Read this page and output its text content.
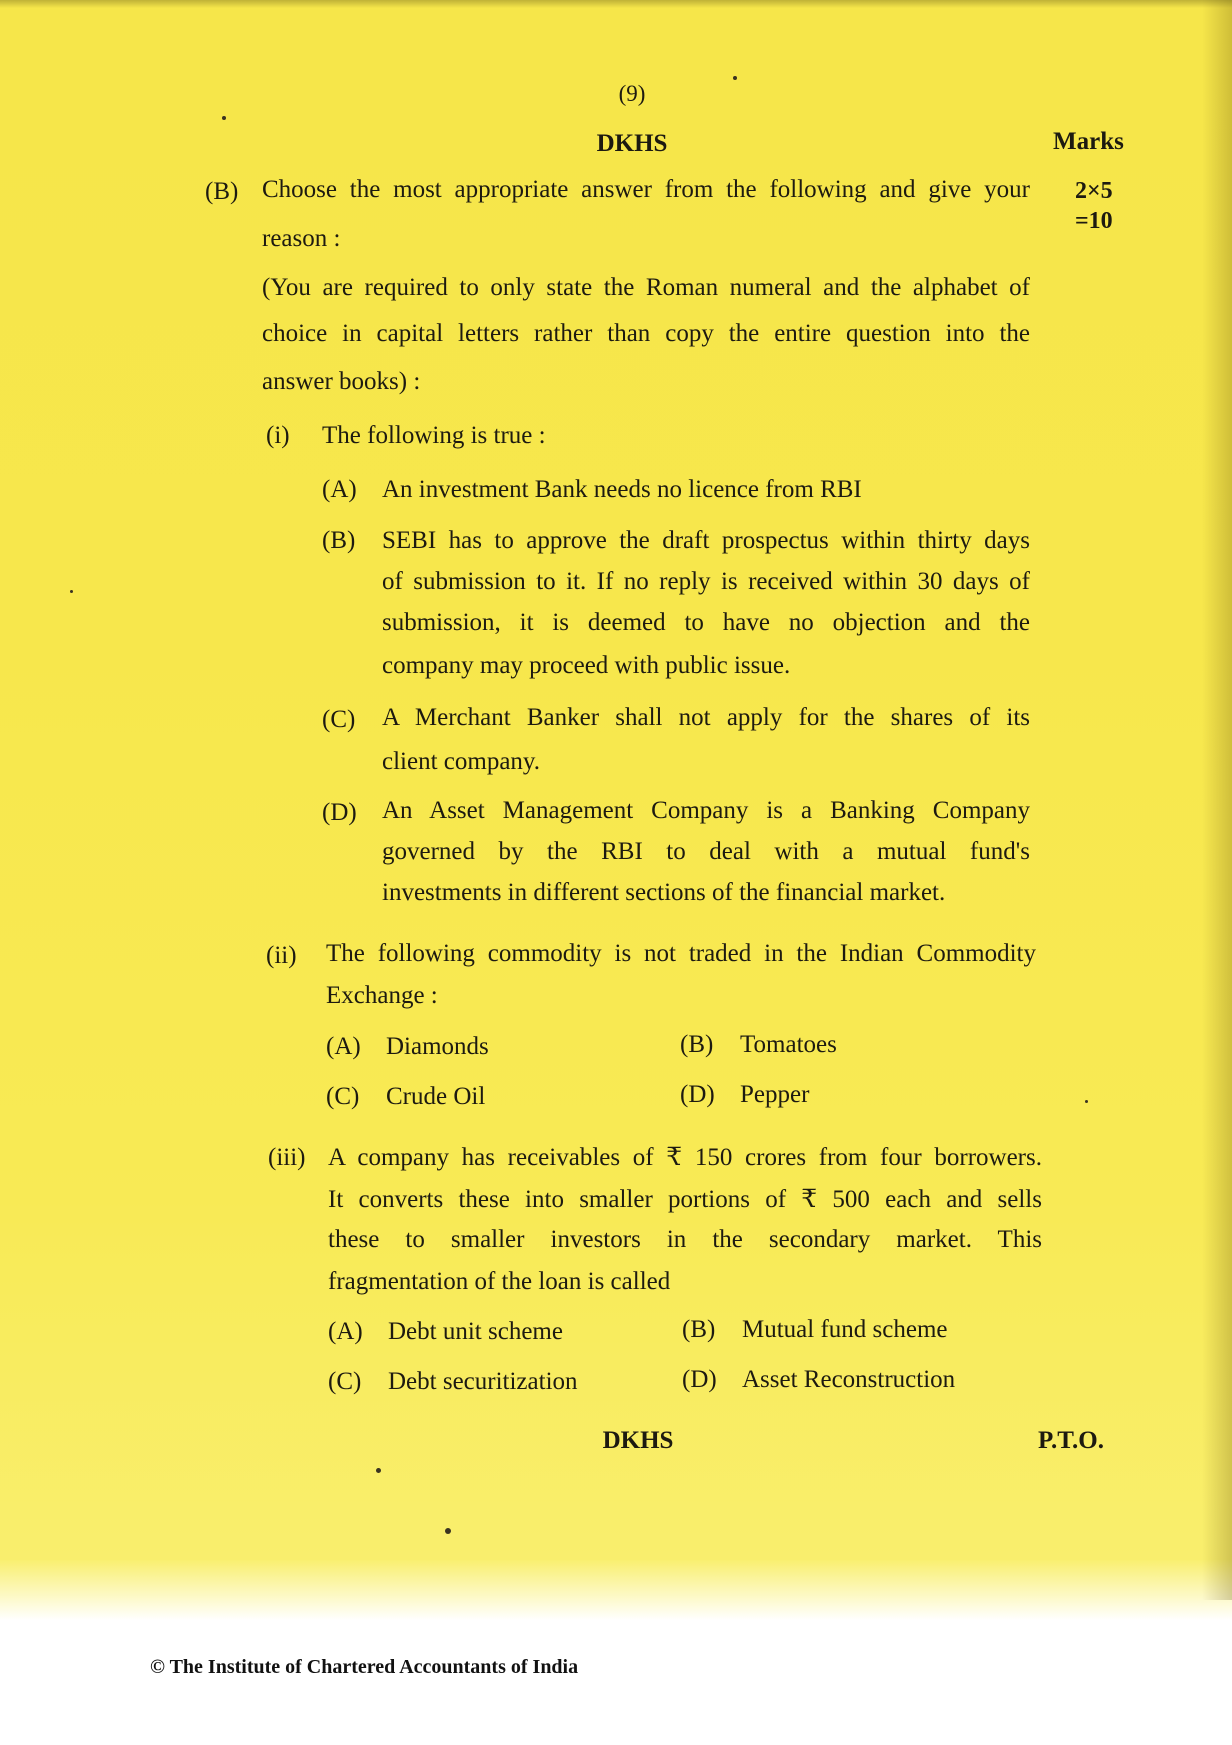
(9)

DKHS	Marks

(B) Choose the most appropriate answer from the following and give your

reason :

2×5
=10

(You are required to only state the Roman numeral and the alphabet of

choice in capital letters rather than copy the entire question into the

answer books) :

(i) The following is true :

(A) An investment Bank needs no licence from RBI

(B) SEBI has to approve the draft prospectus within thirty days

of submission to it. If no reply is received within 30 days of

submission, it is deemed to have no objection and the

company may proceed with public issue.

(C) A Merchant Banker shall not apply for the shares of its

client company.

(D) An Asset Management Company is a Banking Company

governed by the RBI to deal with a mutual fund's

investments in different sections of the financial market.

(ii) The following commodity is not traded in the Indian Commodity

Exchange :

(A) Diamonds	(B) Tomatoes

(C) Crude Oil	(D) Pepper

(iii) A company has receivables of ₹ 150 crores from four borrowers.

It converts these into smaller portions of ₹ 500 each and sells

these to smaller investors in the secondary market. This

fragmentation of the loan is called

(A) Debt unit scheme	(B) Mutual fund scheme

(C) Debt securitization	(D) Asset Reconstruction

DKHS	P.T.O.

© The Institute of Chartered Accountants of India
